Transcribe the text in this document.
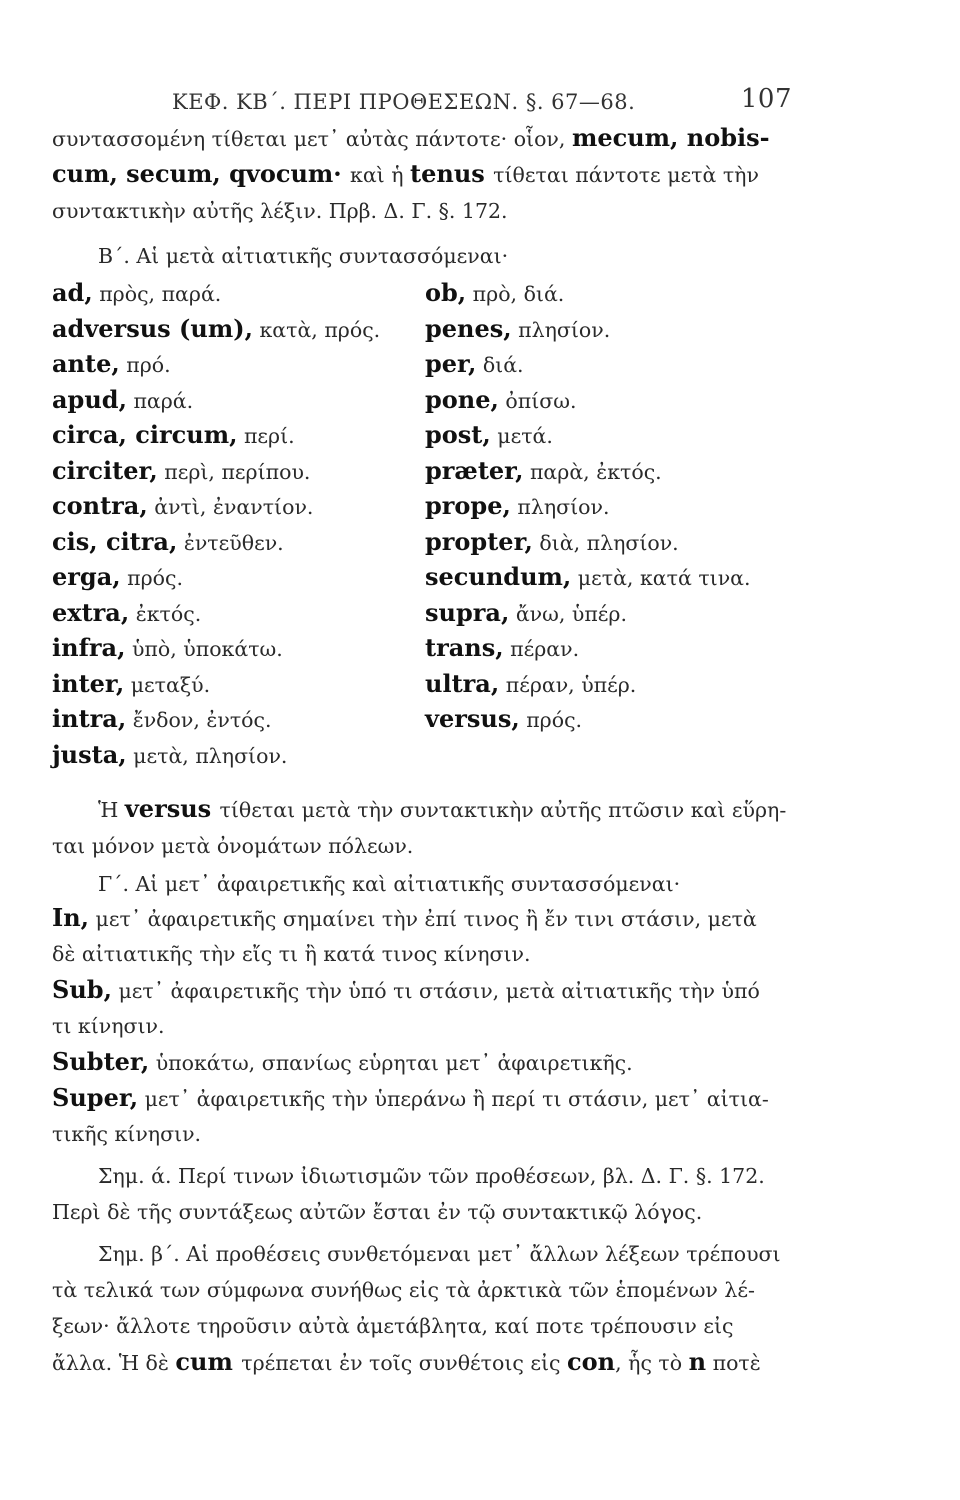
ΚΕΦ. ΚΒ΄. ΠΕΡΙ ΠΡΟΘΕΣΕΩΝ. §. 67—68.	107
συντασσομένη τίθεται μετ᾿ αὐτὰς πάντοτε· οἷον, mecum, nobis-
cum, secum, qvocum· καὶ ἡ tenus τίθεται πάντοτε μετὰ τὴν
συντακτικὴν αὐτῆς λέξιν. Πρβ. Δ. Γ. §. 172.
Β΄. Αἱ μετὰ αἰτιατικῆς συντασσόμεναι·
ad, πρὸς, παρά.
adversus (um), κατὰ, πρός.
ante, πρό.
apud, παρά.
circa, circum, περί.
circiter, περὶ, περίπου.
contra, ἀντὶ, ἐναντίον.
cis, citra, ἐντεῦθεν.
erga, πρός.
extra, ἐκτός.
infra, ὑπὸ, ὑποκάτω.
inter, μεταξύ.
intra, ἔνδον, ἐντός.
justa, μετὰ, πλησίον.
ob, πρὸ, διά.
penes, πλησίον.
per, διά.
pone, ὀπίσω.
post, μετά.
præter, παρὰ, ἐκτός.
prope, πλησίον.
propter, διὰ, πλησίον.
secundum, μετὰ, κατά τινα.
supra, ἄνω, ὑπέρ.
trans, πέραν.
ultra, πέραν, ὑπέρ.
versus, πρός.
Ἡ versus τίθεται μετὰ τὴν συντακτικὴν αὐτῆς πτῶσιν καὶ εὕρη-
ται μόνον μετὰ ὀνομάτων πόλεων.
Γ΄. Αἱ μετ᾿ ἀφαιρετικῆς καὶ αἰτιατικῆς συντασσόμεναι·
In, μετ᾿ ἀφαιρετικῆς σημαίνει τὴν ἐπί τινος ἢ ἔν τινι στάσιν, μετὰ
δὲ αἰτιατικῆς τὴν εἴς τι ἢ κατά τινος κίνησιν.
Sub, μετ᾿ ἀφαιρετικῆς τὴν ὑπό τι στάσιν, μετὰ αἰτιατικῆς τὴν ὑπό
τι κίνησιν.
Subter, ὑποκάτω, σπανίως εὑρηται μετ᾿ ἀφαιρετικῆς.
Super, μετ᾿ ἀφαιρετικῆς τὴν ὑπεράνω ἢ περί τι στάσιν, μετ᾿ αἰτια-
τικῆς κίνησιν.
Σημ. ά. Περί τινων ἰδιωτισμῶν τῶν προθέσεων, βλ. Δ. Γ. §. 172.
Περὶ δὲ τῆς συντάξεως αὐτῶν ἔσται ἐν τῷ συντακτικῷ λόγος.
Σημ. β΄. Αἱ προθέσεις συνθετόμεναι μετ᾿ ἄλλων λέξεων τρέπουσι
τὰ τελικά των σύμφωνα συνήθως εἰς τὰ ἀρκτικὰ τῶν ἑπομένων λέ-
ξεων· ἄλλοτε τηροῦσιν αὐτὰ ἀμετάβλητα, καί ποτε τρέπουσιν εἰς
ἄλλα. Ἡ δὲ cum τρέπεται ἐν τοῖς συνθέτοις εἰς con, ἧς τὸ n ποτὲ
